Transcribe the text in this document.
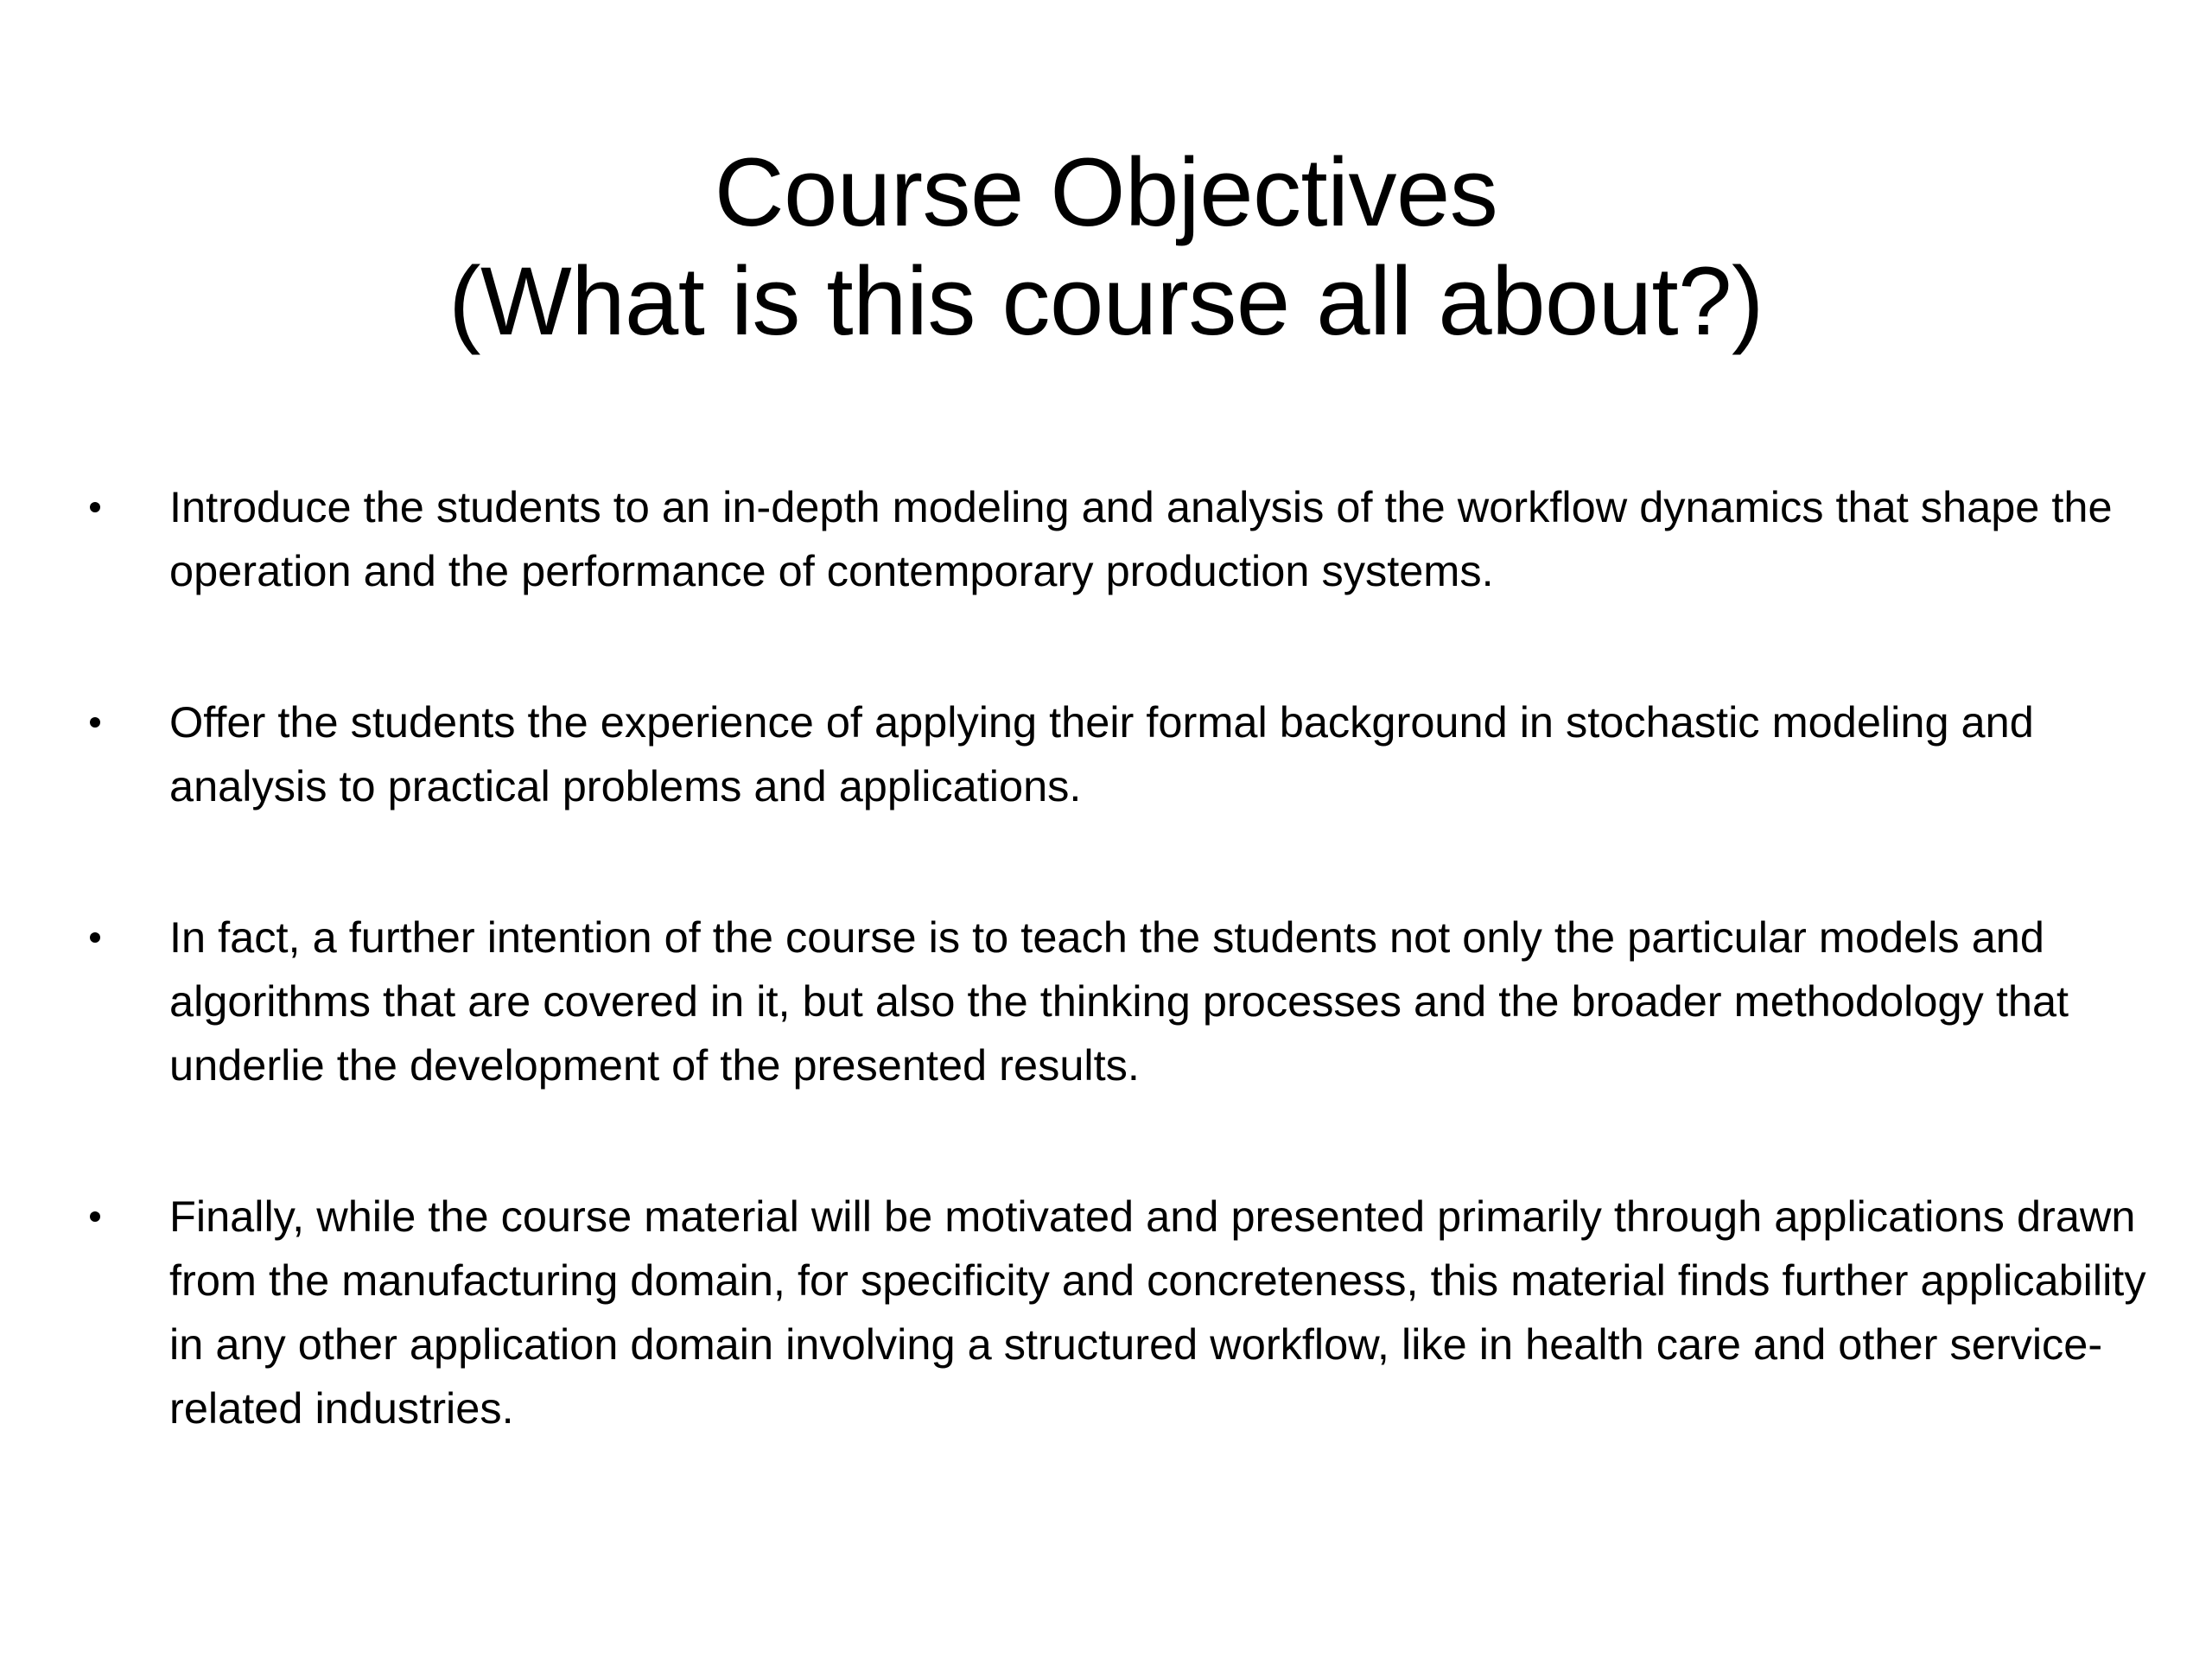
Course Objectives
(What is this course all about?)
Introduce the students to an in-depth modeling and analysis of the workflow dynamics that shape the operation and the performance of contemporary production systems.
Offer the students the experience of applying their formal background in stochastic modeling and analysis to practical problems and applications.
In fact, a further intention of the course is to teach the students not only the particular models and algorithms that are covered in it, but also the thinking processes and the broader methodology that underlie the development of the presented results.
Finally, while the course material will be motivated and presented primarily through applications drawn from the manufacturing domain, for specificity and concreteness, this material finds further applicability in any other application domain involving a structured workflow, like in health care and other service-related industries.
